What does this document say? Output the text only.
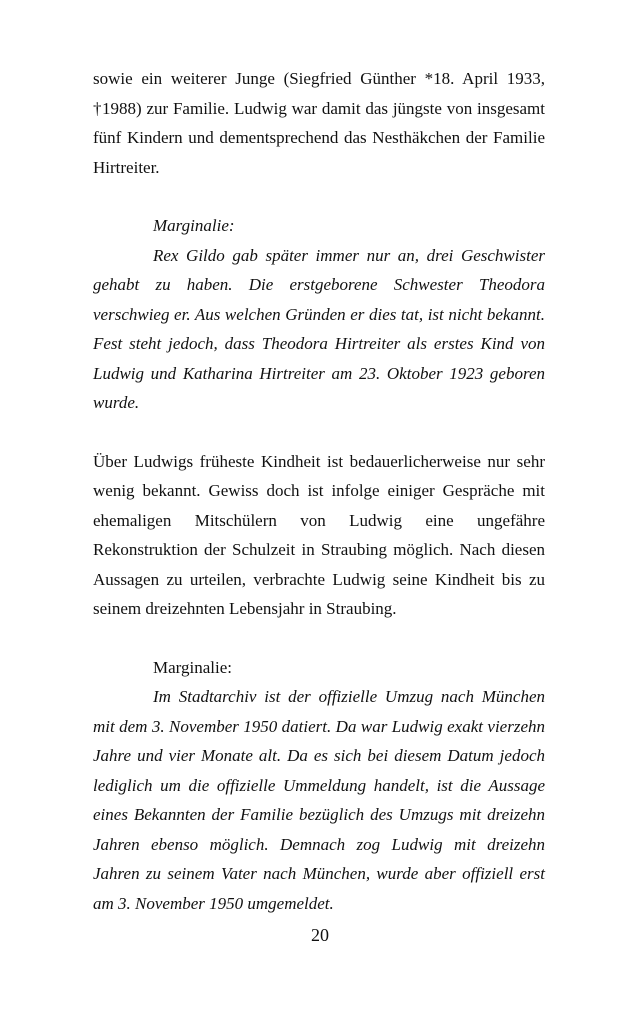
sowie ein weiterer Junge (Siegfried Günther *18. April 1933, †1988) zur Familie. Ludwig war damit das jüngste von insgesamt fünf Kindern und dementsprechend das Nesthäkchen der Familie Hirtreiter.

Marginalie:

Rex Gildo gab später immer nur an, drei Geschwister gehabt zu haben. Die erstgeborene Schwester Theodora verschwieg er. Aus welchen Gründen er dies tat, ist nicht bekannt. Fest steht jedoch, dass Theodora Hirtreiter als erstes Kind von Ludwig und Katharina Hirtreiter am 23. Oktober 1923 geboren wurde.

Über Ludwigs früheste Kindheit ist bedauerlicherweise nur sehr wenig bekannt. Gewiss doch ist infolge einiger Gespräche mit ehemaligen Mitschülern von Ludwig eine ungefähre Rekonstruktion der Schulzeit in Straubing möglich. Nach diesen Aussagen zu urteilen, verbrachte Ludwig seine Kindheit bis zu seinem dreizehnten Lebensjahr in Straubing.

Marginalie:

Im Stadtarchiv ist der offizielle Umzug nach München mit dem 3. November 1950 datiert. Da war Ludwig exakt vierzehn Jahre und vier Monate alt. Da es sich bei diesem Datum jedoch lediglich um die offizielle Ummeldung handelt, ist die Aussage eines Bekannten der Familie bezüglich des Umzugs mit dreizehn Jahren ebenso möglich. Demnach zog Ludwig mit dreizehn Jahren zu seinem Vater nach München, wurde aber offiziell erst am 3. November 1950 umgemeldet.

20
